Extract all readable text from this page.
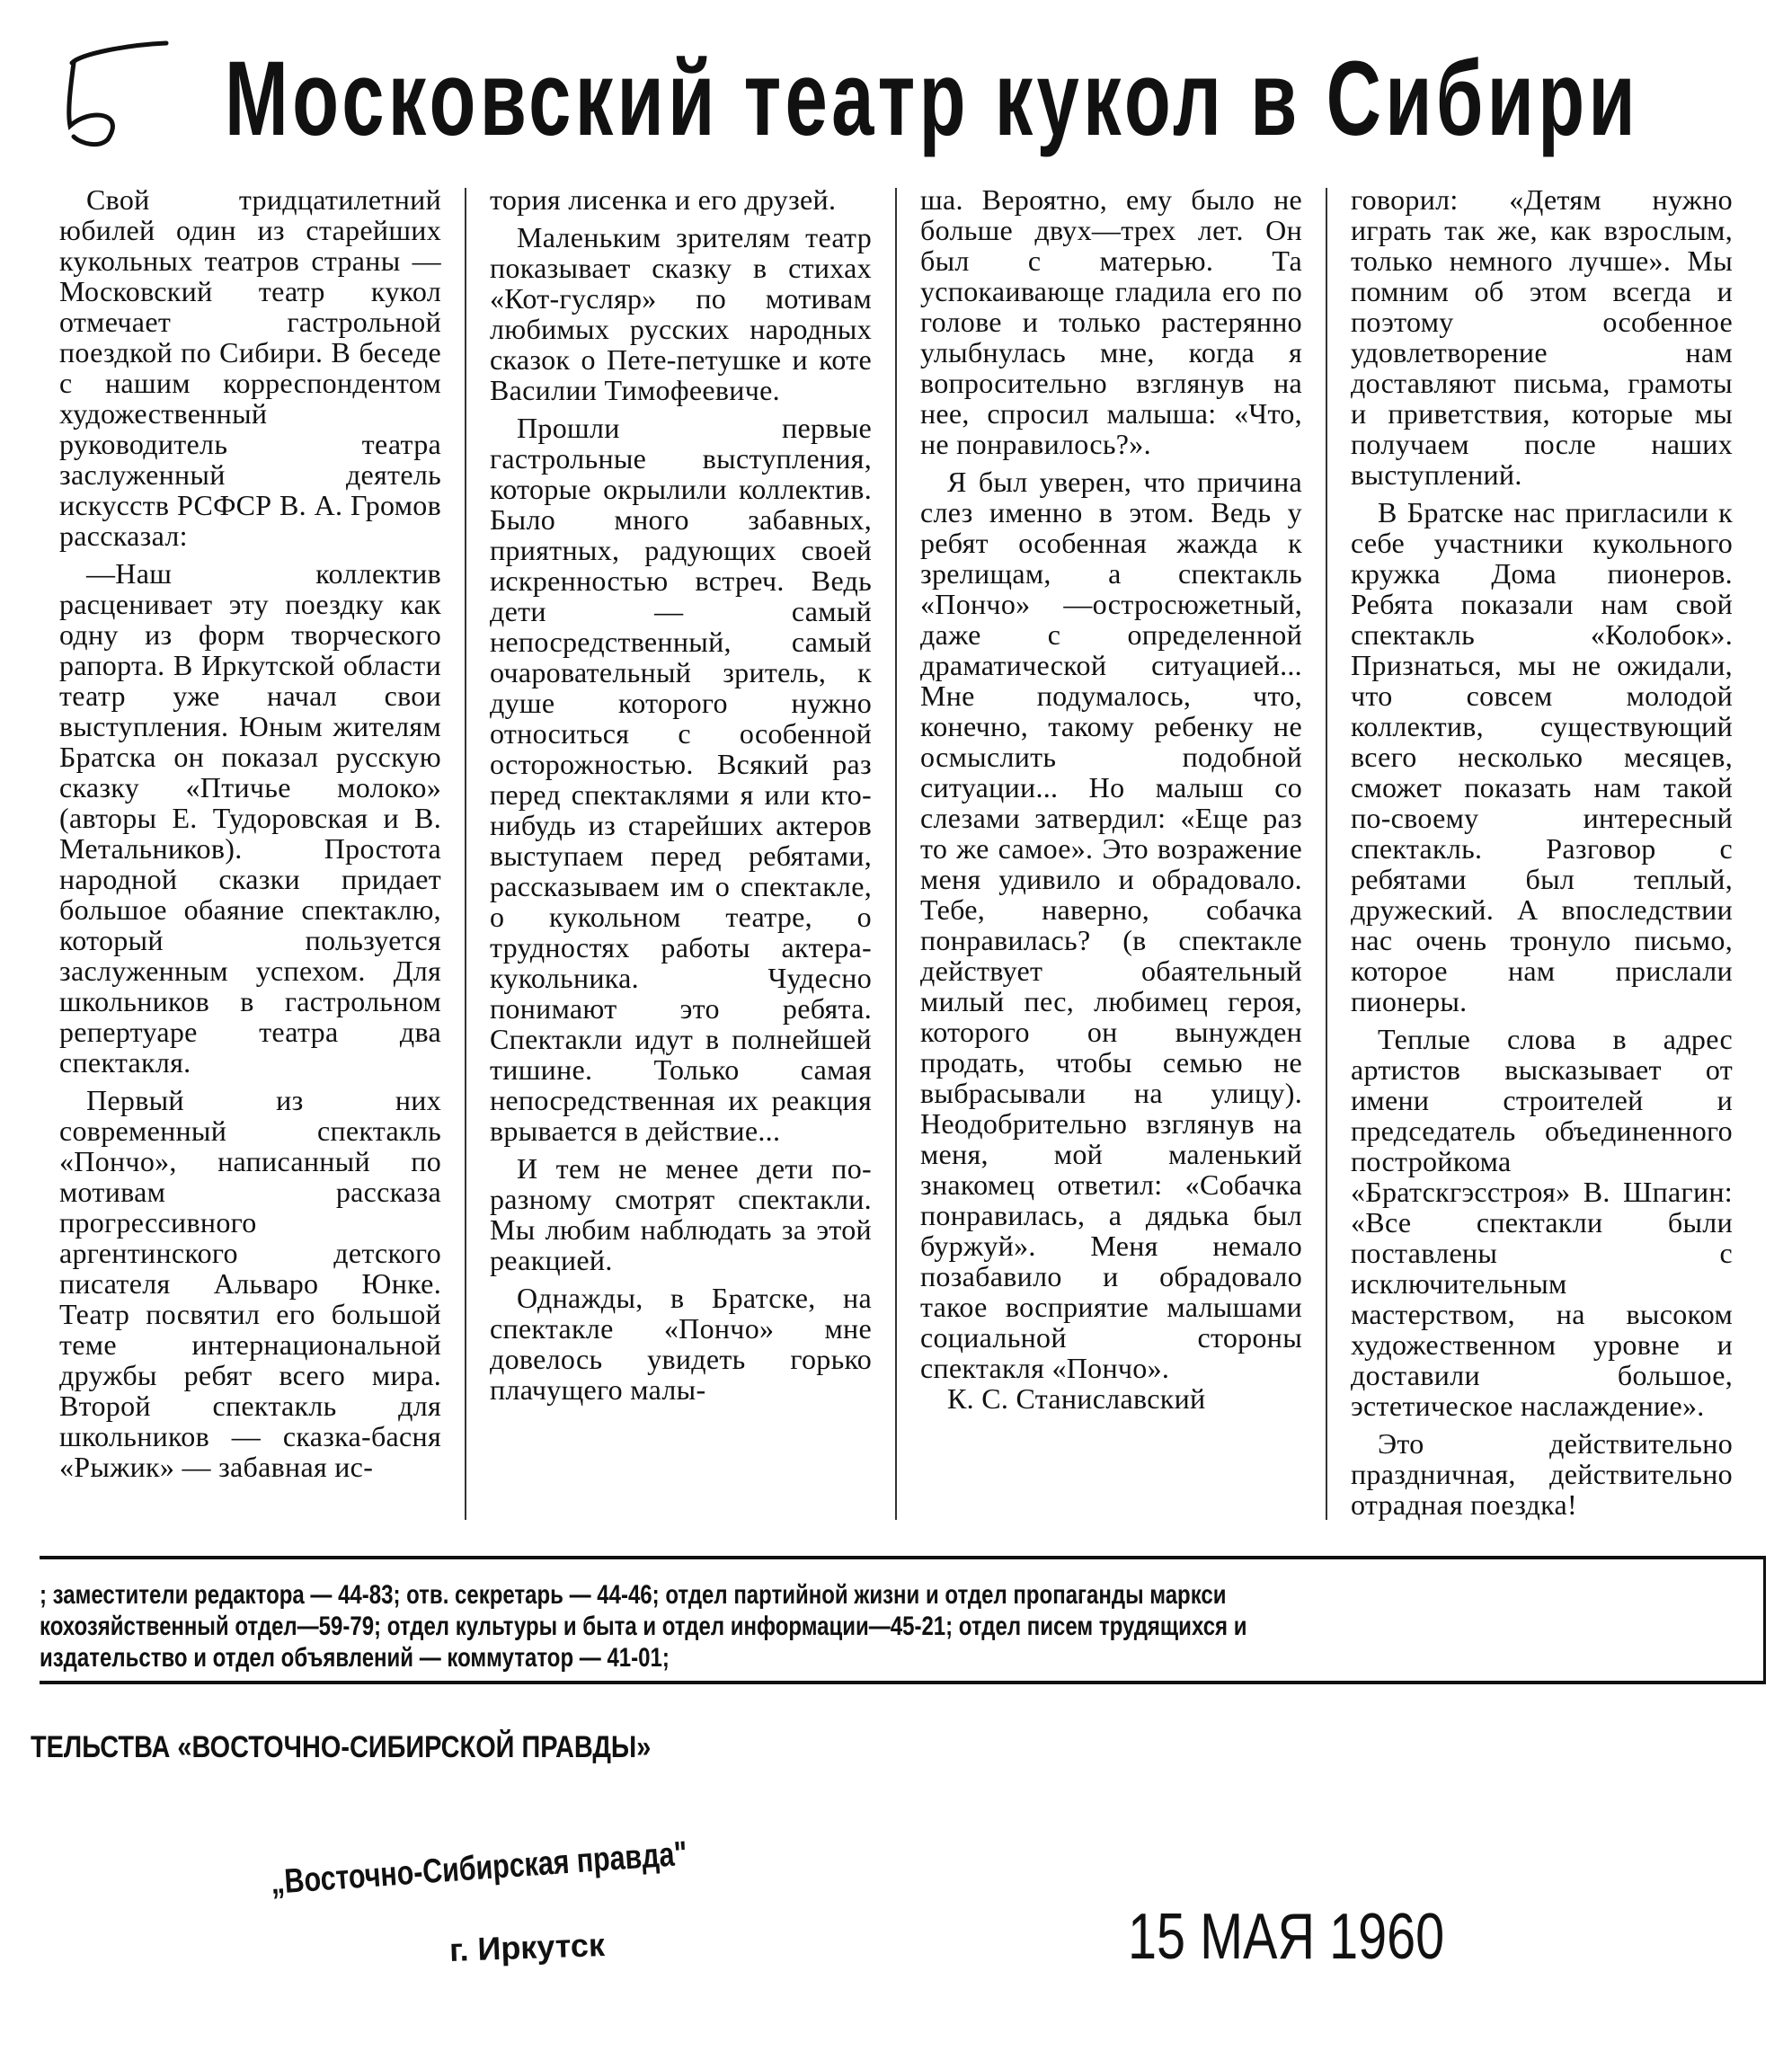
Московский театр кукол в Сибири

Свой тридцатилетний юбилей один из старейших кукольных театров страны — Московский театр кукол отмечает гастрольной поездкой по Сибири. В беседе с нашим корреспондентом художественный руководитель театра заслуженный деятель искусств РСФСР В. А. Громов рассказал:

—Наш коллектив расценивает эту поездку как одну из форм творческого рапорта. В Иркутской области театр уже начал свои выступления. Юным жителям Братска он показал русскую сказку «Птичье молоко» (авторы Е. Тудоровская и В. Метальников). Простота народной сказки придает большое обаяние спектаклю, который пользуется заслуженным успехом. Для школьников в гастрольном репертуаре театра два спектакля.

Первый из них современный спектакль «Пончо», написанный по мотивам рассказа прогрессивного аргентинского детского писателя Альваро Юнке. Театр посвятил его большой теме интернациональной дружбы ребят всего мира. Второй спектакль для школьников — сказка-басня «Рыжик» — забавная ис-

тория лисенка и его друзей.

Маленьким зрителям театр показывает сказку в стихах «Кот-гусляр» по мотивам любимых русских народных сказок о Пете-петушке и коте Василии Тимофеевиче.

Прошли первые гастрольные выступления, которые окрылили коллектив. Было много забавных, приятных, радующих своей искренностью встреч. Ведь дети — самый непосредственный, самый очаровательный зритель, к душе которого нужно относиться с особенной осторожностью. Всякий раз перед спектаклями я или кто-нибудь из старейших актеров выступаем перед ребятами, рассказываем им о спектакле, о кукольном театре, о трудностях работы актера-кукольника. Чудесно понимают это ребята. Спектакли идут в полнейшей тишине. Только самая непосредственная их реакция врывается в действие...

И тем не менее дети по-разному смотрят спектакли. Мы любим наблюдать за этой реакцией.

Однажды, в Братске, на спектакле «Пончо» мне довелось увидеть горько плачущего малы-

ша. Вероятно, ему было не больше двух—трех лет. Он был с матерью. Та успокаивающе гладила его по голове и только растерянно улыбнулась мне, когда я вопросительно взглянув на нее, спросил малыша: «Что, не понравилось?».

Я был уверен, что причина слез именно в этом. Ведь у ребят особенная жажда к зрелищам, а спектакль «Пончо» —остросюжетный, даже с определенной драматической ситуацией... Мне подумалось, что, конечно, такому ребенку не осмыслить подобной ситуации... Но малыш со слезами затвердил: «Еще раз то же самое». Это возражение меня удивило и обрадовало. Тебе, наверно, собачка понравилась? (в спектакле действует обаятельный милый пес, любимец героя, которого он вынужден продать, чтобы семью не выбрасывали на улицу). Неодобрительно взглянув на меня, мой маленький знакомец ответил: «Собачка понравилась, а дядька был буржуй». Меня немало позабавило и обрадовало такое восприятие малышами социальной стороны спектакля «Пончо».

К. С. Станиславский

говорил: «Детям нужно играть так же, как взрослым, только немного лучше». Мы помним об этом всегда и поэтому особенное удовлетворение нам доставляют письма, грамоты и приветствия, которые мы получаем после наших выступлений.

В Братске нас пригласили к себе участники кукольного кружка Дома пионеров. Ребята показали нам свой спектакль «Колобок». Признаться, мы не ожидали, что совсем молодой коллектив, существующий всего несколько месяцев, сможет показать нам такой по-своему интересный спектакль. Разговор с ребятами был теплый, дружеский. А впоследствии нас очень тронуло письмо, которое нам прислали пионеры.

Теплые слова в адрес артистов высказывает от имени строителей и председатель объединенного постройкома «Братскгэсстроя» В. Шпагин: «Все спектакли были поставлены с исключительным мастерством, на высоком художественном уровне и доставили большое, эстетическое наслаждение».

Это действительно праздничная, действительно отрадная поездка!

; заместители редактора — 44-83; отв. секретарь — 44-46; отдел партийной жизни и отдел пропаганды маркси
кохозяйственный отдел—59-79; отдел культуры и быта и отдел информации—45-21; отдел писем трудящихся и
издательство и отдел объявлений — коммутатор — 41-01;
ТЕЛЬСТВА «ВОСТОЧНО-СИБИРСКОЙ ПРАВДЫ»
„Восточно-Сибирская правда"
г. Иркутск	15 МАЯ 1960
